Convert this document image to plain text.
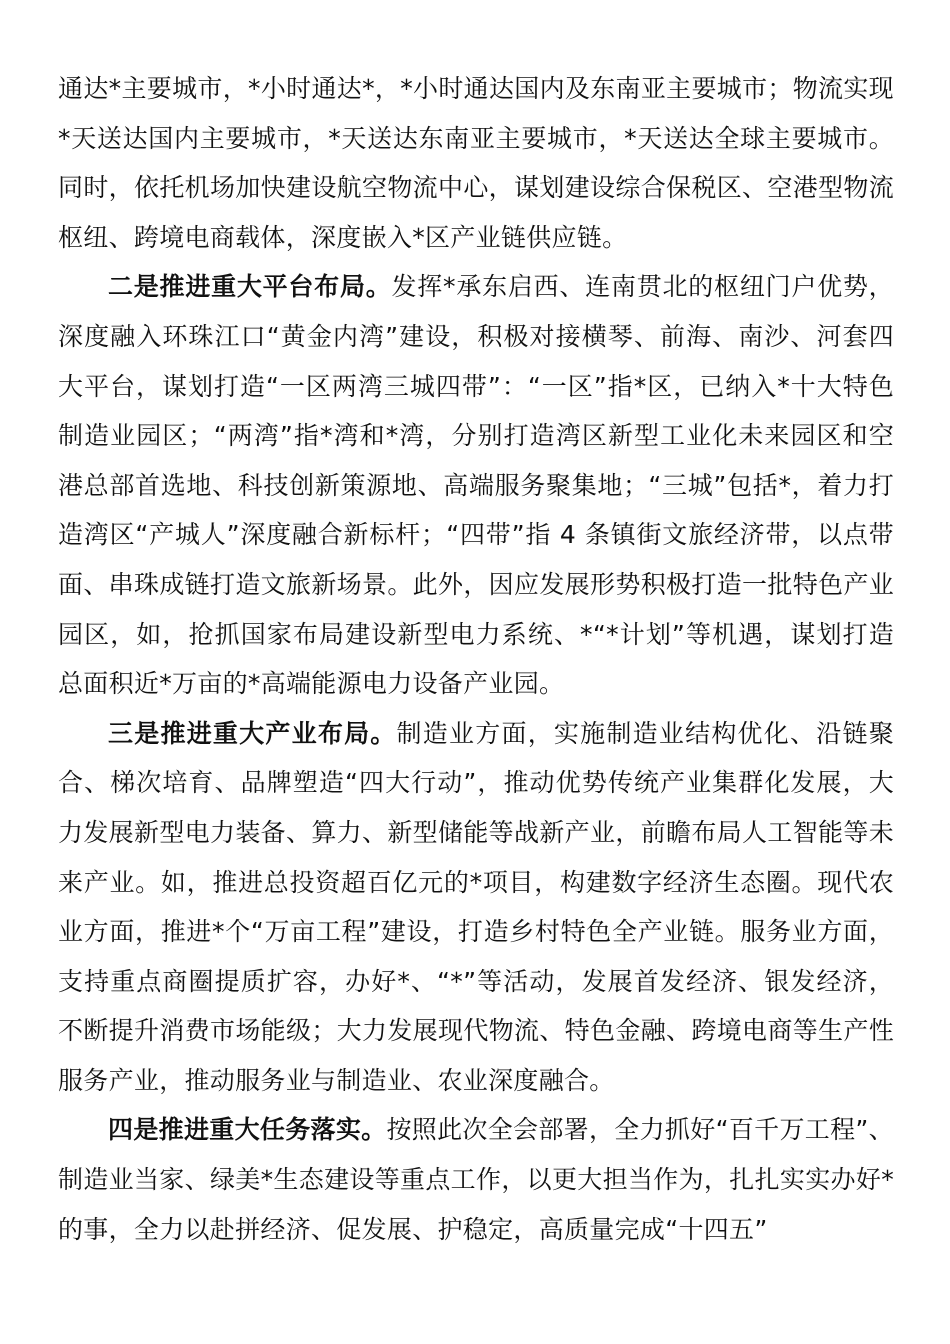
通达*主要城市，*小时通达*，*小时通达国内及东南亚主要城市；物流实现*天送达国内主要城市，*天送达东南亚主要城市，*天送达全球主要城市。同时，依托机场加快建设航空物流中心，谋划建设综合保税区、空港型物流枢纽、跨境电商载体，深度嵌入*区产业链供应链。

二是推进重大平台布局。发挥*承东启西、连南贯北的枢纽门户优势，深度融入环珠江口“黄金内湾”建设，积极对接横琴、前海、南沙、河套四大平台，谋划打造“一区两湾三城四带”：“一区”指*区，已纳入*十大特色制造业园区；“两湾”指*湾和*湾，分别打造湾区新型工业化未来园区和空港总部首选地、科技创新策源地、高端服务聚集地；“三城”包括*，着力打造湾区“产城人”深度融合新标杆；“四带”指 4 条镇街文旅经济带，以点带面、串珠成链打造文旅新场景。此外，因应发展形势积极打造一批特色产业园区，如，抢抓国家布局建设新型电力系统、*“*计划”等机遇，谋划打造总面积近*万亩的*高端能源电力设备产业园。

三是推进重大产业布局。制造业方面，实施制造业结构优化、沿链聚合、梯次培育、品牌塑造“四大行动”，推动优势传统产业集群化发展，大力发展新型电力装备、算力、新型储能等战新产业，前瞻布局人工智能等未来产业。如，推进总投资超百亿元的*项目，构建数字经济生态圈。现代农业方面，推进*个“万亩工程”建设，打造乡村特色全产业链。服务业方面，支持重点商圈提质扩容，办好*、“*”等活动，发展首发经济、银发经济，不断提升消费市场能级；大力发展现代物流、特色金融、跨境电商等生产性服务产业，推动服务业与制造业、农业深度融合。

四是推进重大任务落实。按照此次全会部署，全力抓好“百千万工程”、制造业当家、绿美*生态建设等重点工作，以更大担当作为，扎扎实实办好*的事，全力以赴拼经济、促发展、护稳定，高质量完成“十四五”
